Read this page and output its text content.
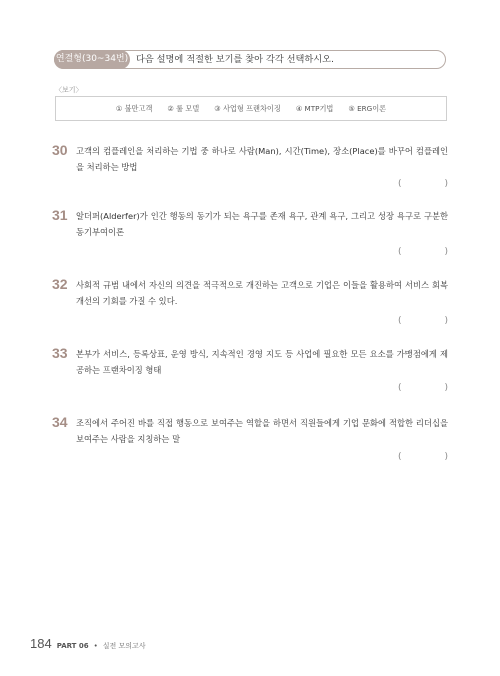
연결형(30~34번) 다음 설명에 적절한 보기를 찾아 각각 선택하시오.
〈보기〉
① 불만고객 ② 룰 모델 ③ 사업형 프랜차이징 ④ MTP기법 ⑤ ERG이론
30 고객의 컴플레인을 처리하는 기법 중 하나로 사람(Man), 시간(Time), 장소(Place)를 바꾸어 컴플레인을 처리하는 방법
(	)
31 알더퍼(Alderfer)가 인간 행동의 동기가 되는 욕구를 존재 욕구, 관계 욕구, 그리고 성장 욕구로 구분한 동기부여이론
(	)
32 사회적 규범 내에서 자신의 의견을 적극적으로 개진하는 고객으로 기업은 이들을 활용하여 서비스 회복 개선의 기회를 가질 수 있다.
(	)
33 본부가 서비스, 등록상표, 운영 방식, 지속적인 경영 지도 등 사업에 필요한 모든 요소를 가맹점에게 제공하는 프랜차이징 형태
(	)
34 조직에서 주어진 바를 직접 행동으로 보여주는 역할을 하면서 직원들에게 기업 문화에 적합한 리더십을 보여주는 사람을 지칭하는 말
(	)
184 PART 06 • 실전 모의고사
